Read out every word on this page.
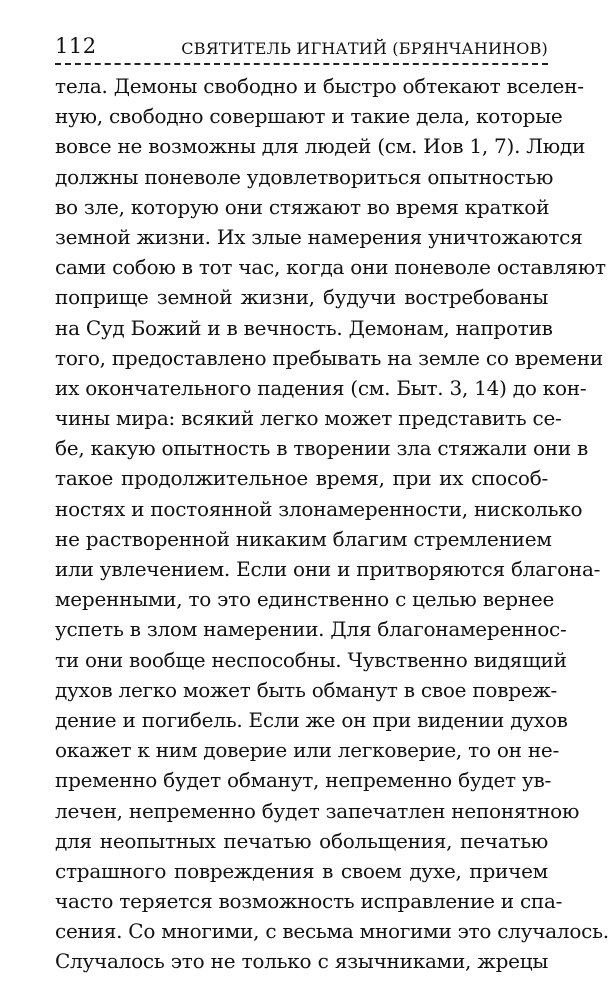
112	СВЯТИТЕЛЬ ИГНАТИЙ (БРЯНЧАНИНОВ)
тела. Демоны свободно и быстро обтекают вселен-
ную, свободно совершают и такие дела, которые
вовсе не возможны для людей (см. Иов 1, 7). Люди
должны поневоле удовлетвориться опытностью
во зле, которую они стяжают во время краткой
земной жизни. Их злые намерения уничтожаются
сами собою в тот час, когда они поневоле оставляют
поприще земной жизни, будучи востребованы
на Суд Божий и в вечность. Демонам, напротив
того, предоставлено пребывать на земле со времени
их окончательного падения (см. Быт. 3, 14) до кон-
чины мира: всякий легко может представить се-
бе, какую опытность в творении зла стяжали они в
такое продолжительное время, при их способ-
ностях и постоянной злонамеренности, нисколько
не растворенной никаким благим стремлением
или увлечением. Если они и притворяются благона-
меренными, то это единственно с целью вернее
успеть в злом намерении. Для благонамереннос-
ти они вообще неспособны. Чувственно видящий
духов легко может быть обманут в свое повреж-
дение и погибель. Если же он при видении духов
окажет к ним доверие или легковерие, то он не-
пременно будет обманут, непременно будет ув-
лечен, непременно будет запечатлен непонятною
для неопытных печатью обольщения, печатью
страшного повреждения в своем духе, причем
часто теряется возможность исправление и спа-
сения. Со многими, с весьма многими это случалось.
Случалось это не только с язычниками, жрецы
